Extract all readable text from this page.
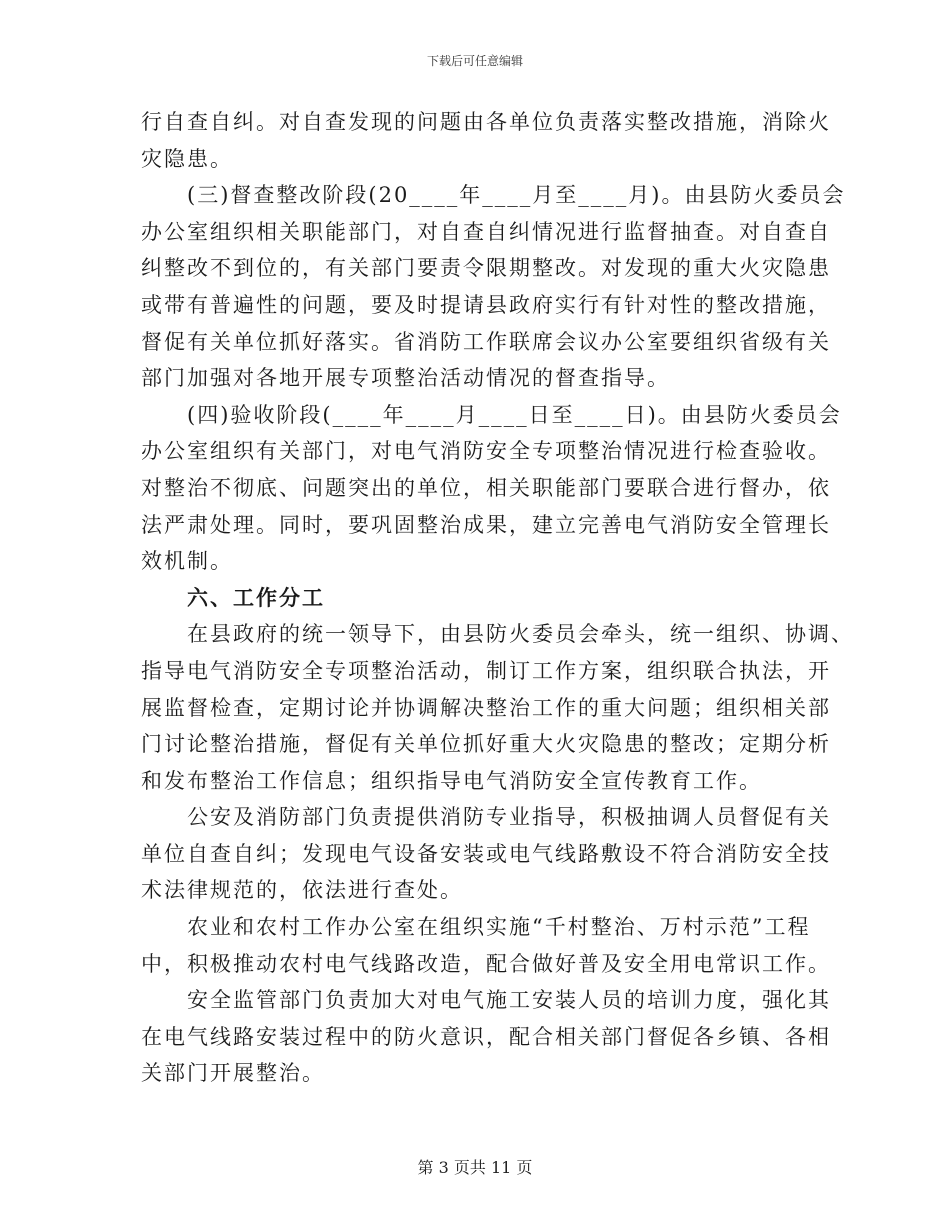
下载后可任意编辑
行自查自纠。对自查发现的问题由各单位负责落实整改措施，消除火
灾隐患。
(三)督查整改阶段(20____年____月至____月)。由县防火委员会
办公室组织相关职能部门，对自查自纠情况进行监督抽查。对自查自
纠整改不到位的，有关部门要责令限期整改。对发现的重大火灾隐患
或带有普遍性的问题，要及时提请县政府实行有针对性的整改措施，
督促有关单位抓好落实。省消防工作联席会议办公室要组织省级有关
部门加强对各地开展专项整治活动情况的督查指导。
(四)验收阶段(____年____月____日至____日)。由县防火委员会
办公室组织有关部门，对电气消防安全专项整治情况进行检查验收。
对整治不彻底、问题突出的单位，相关职能部门要联合进行督办，依
法严肃处理。同时，要巩固整治成果，建立完善电气消防安全管理长
效机制。
六、工作分工
在县政府的统一领导下，由县防火委员会牵头，统一组织、协调、
指导电气消防安全专项整治活动，制订工作方案，组织联合执法，开
展监督检查，定期讨论并协调解决整治工作的重大问题；组织相关部
门讨论整治措施，督促有关单位抓好重大火灾隐患的整改；定期分析
和发布整治工作信息；组织指导电气消防安全宣传教育工作。
公安及消防部门负责提供消防专业指导，积极抽调人员督促有关
单位自查自纠；发现电气设备安装或电气线路敷设不符合消防安全技
术法律规范的，依法进行查处。
农业和农村工作办公室在组织实施“千村整治、万村示范”工程
中，积极推动农村电气线路改造，配合做好普及安全用电常识工作。
安全监管部门负责加大对电气施工安装人员的培训力度，强化其
在电气线路安装过程中的防火意识，配合相关部门督促各乡镇、各相
关部门开展整治。
第 3 页共 11 页
